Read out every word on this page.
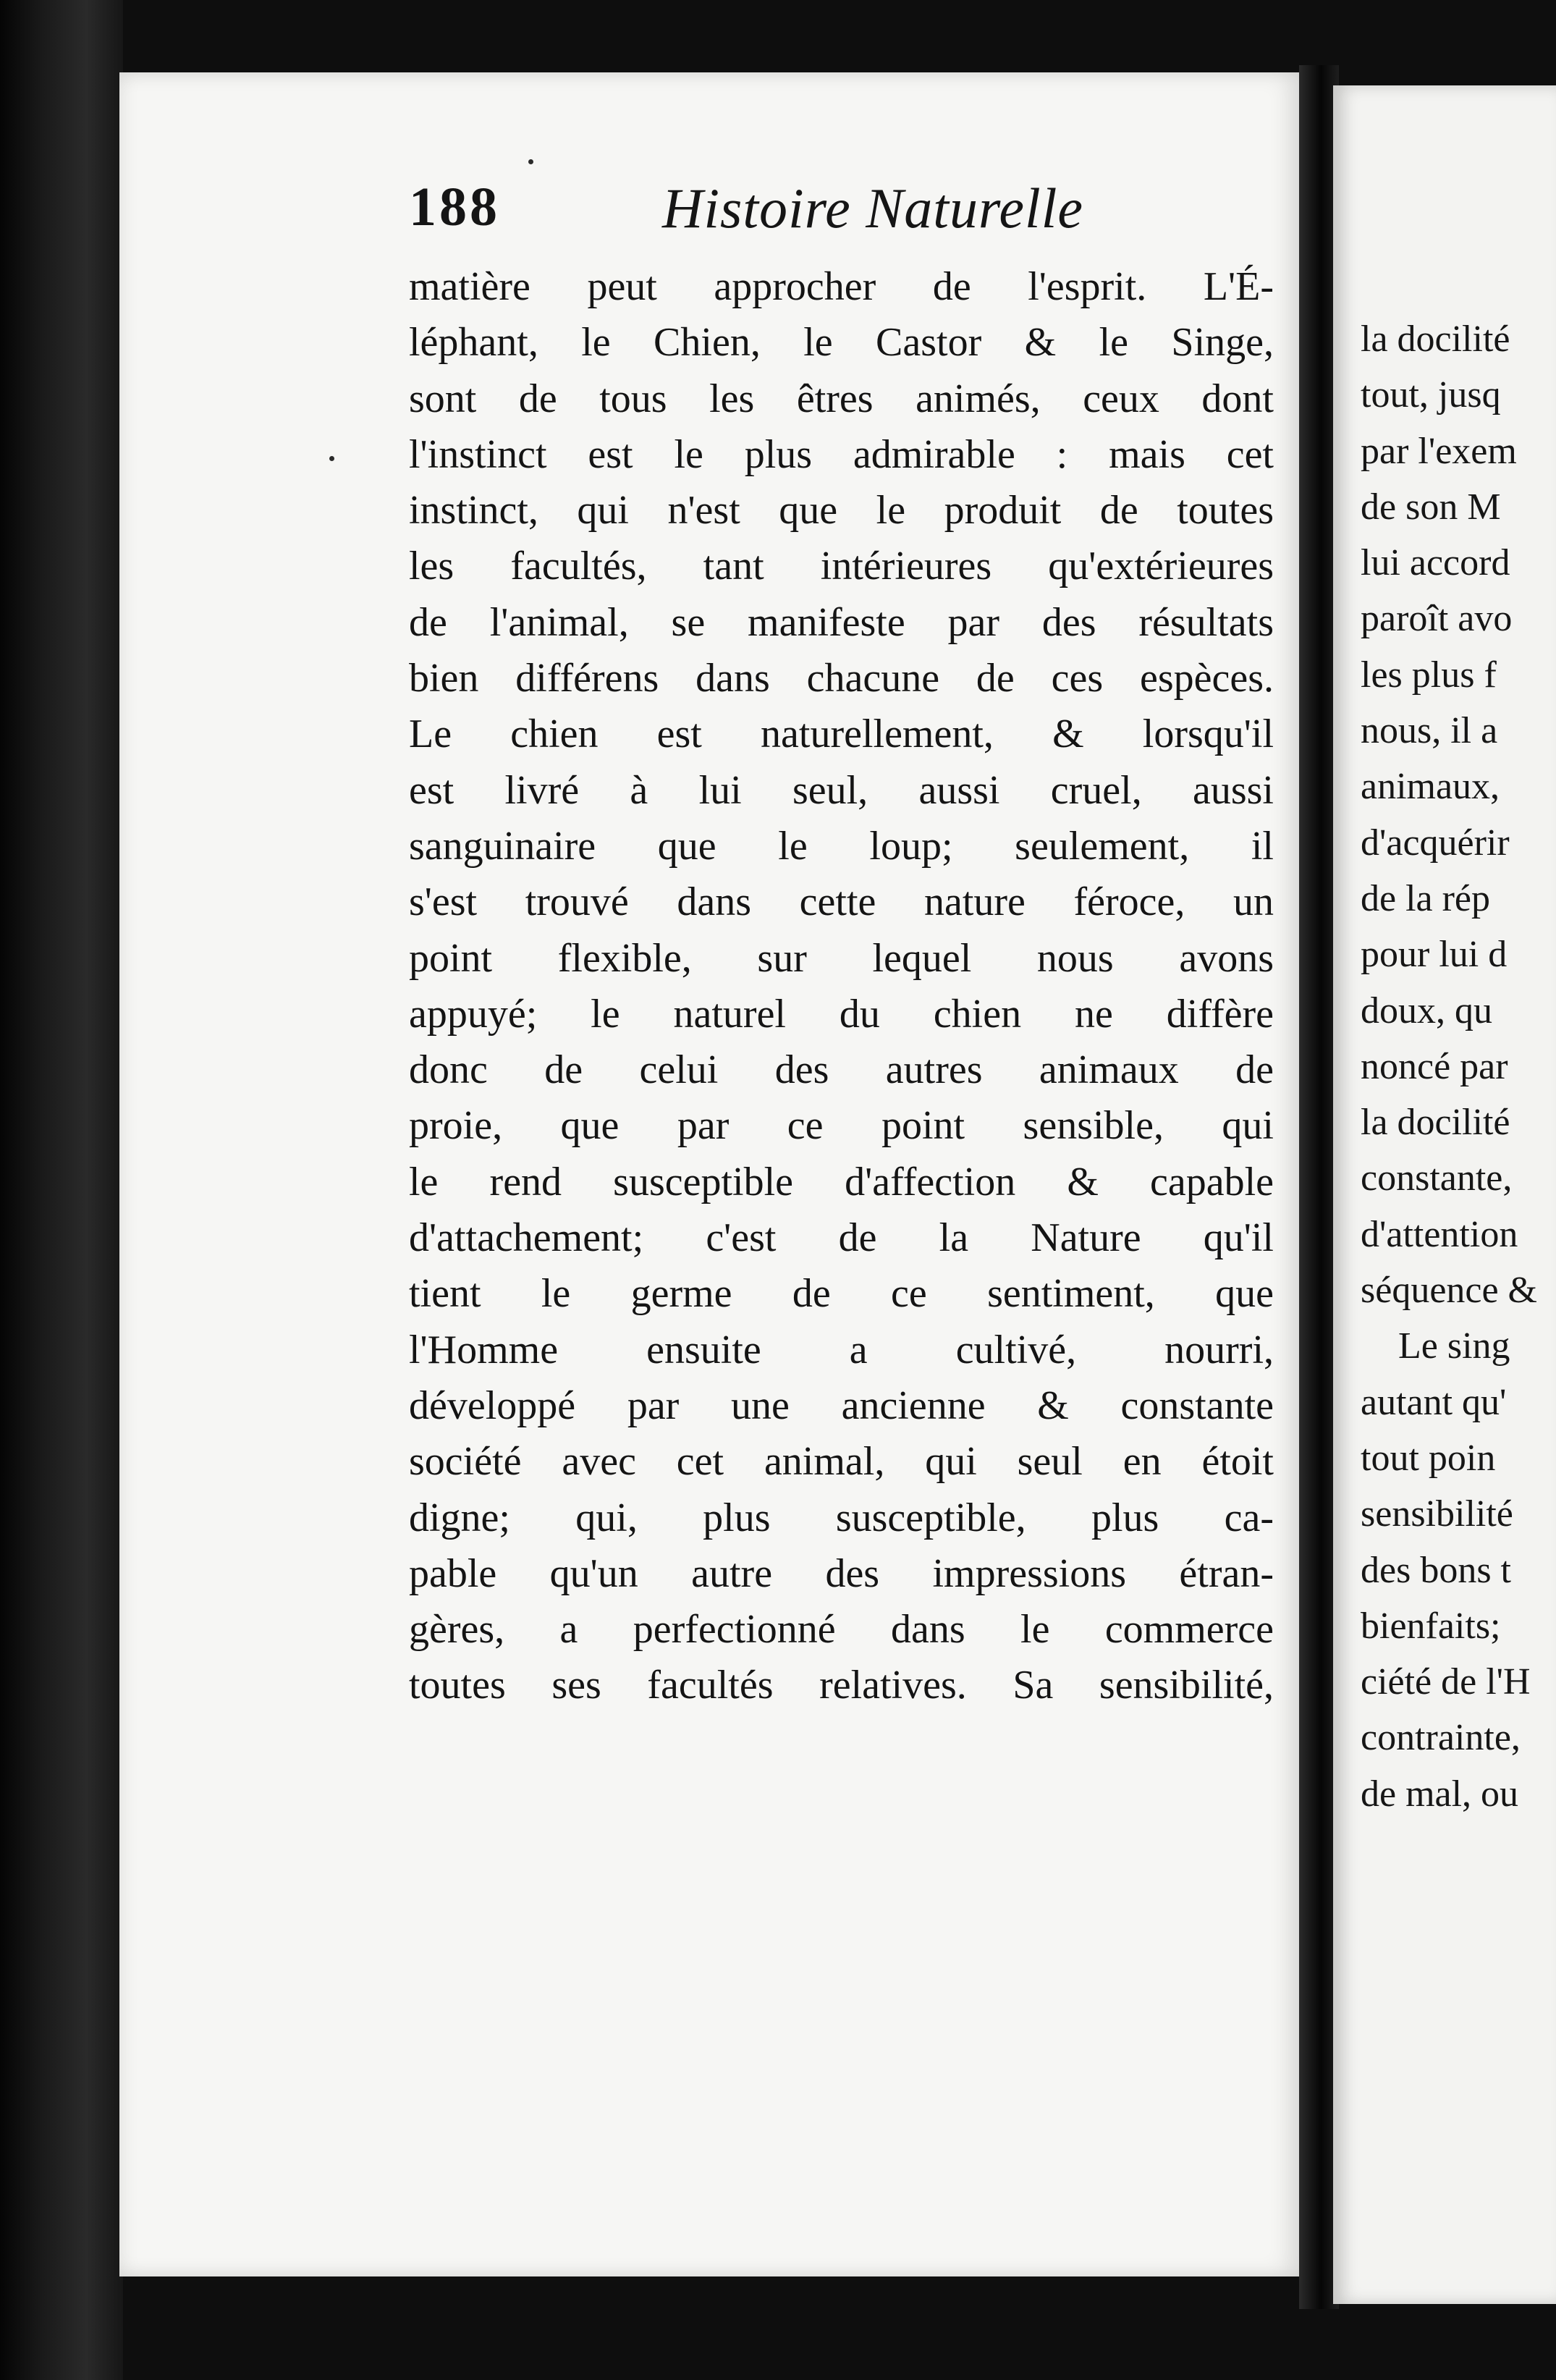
la docilité
tout, jusq
par l'exem
de son M
lui accord
paroît avo
les plus f
nous, il a
animaux,
d'acquérir
de la rép
pour lui d
doux, qu
noncé par
la docilité
constante,
d'attention
séquence &
Le sing
autant qu'
tout poin
sensibilité
des bons t
bienfaits;
ciété de l'H
contrainte,
de mal, ou
188	Histoire Naturelle
matière peut approcher de l'esprit. L'É-
léphant, le Chien, le Castor & le Singe,
sont de tous les êtres animés, ceux dont
l'instinct est le plus admirable : mais cet
instinct, qui n'est que le produit de toutes
les facultés, tant intérieures qu'extérieures
de l'animal, se manifeste par des résultats
bien différens dans chacune de ces espèces.
Le chien est naturellement, & lorsqu'il
est livré à lui seul, aussi cruel, aussi
sanguinaire que le loup; seulement, il
s'est trouvé dans cette nature féroce, un
point flexible, sur lequel nous avons
appuyé; le naturel du chien ne diffère
donc de celui des autres animaux de
proie, que par ce point sensible, qui
le rend susceptible d'affection & capable
d'attachement; c'est de la Nature qu'il
tient le germe de ce sentiment, que
l'Homme ensuite a cultivé, nourri,
développé par une ancienne & constante
société avec cet animal, qui seul en étoit
digne; qui, plus susceptible, plus ca-
pable qu'un autre des impressions étran-
gères, a perfectionné dans le commerce
toutes ses facultés relatives. Sa sensibilité,
